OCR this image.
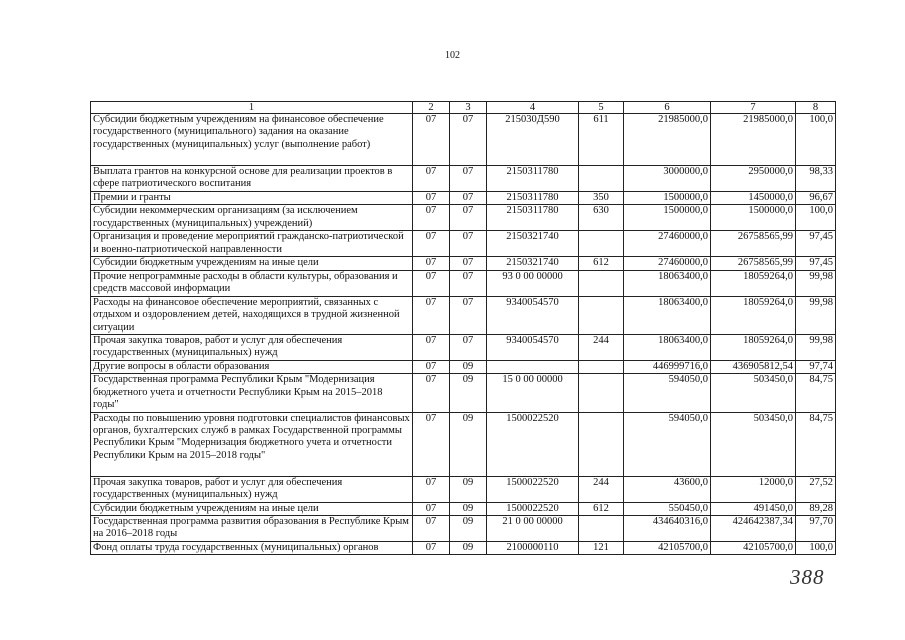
102
1	2	3	4	5	6	7	8
Субсидии бюджетным учреждениям на финансовое обеспечение государственного (муниципального) задания на оказание государственных (муниципальных) услуг (выполнение работ)	07	07	215030Д590	611	21985000,0	21985000,0	100,0
Выплата грантов на конкурсной основе для реализации проектов в сфере патриотического воспитания	07	07	2150311780		3000000,0	2950000,0	98,33
Премии и гранты	07	07	2150311780	350	1500000,0	1450000,0	96,67
Субсидии некоммерческим организациям (за исключением государственных (муниципальных) учреждений)	07	07	2150311780	630	1500000,0	1500000,0	100,0
Организация и проведение мероприятий гражданско-патриотической и военно-патриотической направленности	07	07	2150321740		27460000,0	26758565,99	97,45
Субсидии бюджетным учреждениям на иные цели	07	07	2150321740	612	27460000,0	26758565,99	97,45
Прочие непрограммные расходы в области культуры, образования и средств массовой информации	07	07	93 0 00 00000		18063400,0	18059264,0	99,98
Расходы на финансовое обеспечение мероприятий, связанных с отдыхом и оздоровлением детей, находящихся в трудной жизненной ситуации	07	07	9340054570		18063400,0	18059264,0	99,98
Прочая закупка товаров, работ и услуг для обеспечения государственных (муниципальных) нужд	07	07	9340054570	244	18063400,0	18059264,0	99,98
Другие вопросы в области образования	07	09			446999716,0	436905812,54	97,74
Государственная программа Республики Крым "Модернизация бюджетного учета и отчетности Республики Крым на 2015–2018 годы"	07	09	15 0 00 00000		594050,0	503450,0	84,75
Расходы по повышению уровня подготовки специалистов финансовых органов, бухгалтерских служб в рамках Государственной программы Республики Крым "Модернизация бюджетного учета и отчетности Республики Крым на 2015–2018 годы"	07	09	1500022520		594050,0	503450,0	84,75
Прочая закупка товаров, работ и услуг для обеспечения государственных (муниципальных) нужд	07	09	1500022520	244	43600,0	12000,0	27,52
Субсидии бюджетным учреждениям на иные цели	07	09	1500022520	612	550450,0	491450,0	89,28
Государственная программа развития образования в Республике Крым на 2016–2018 годы	07	09	21 0 00 00000		434640316,0	424642387,34	97,70
Фонд оплаты труда государственных (муниципальных) органов	07	09	2100000110	121	42105700,0	42105700,0	100,0
388
